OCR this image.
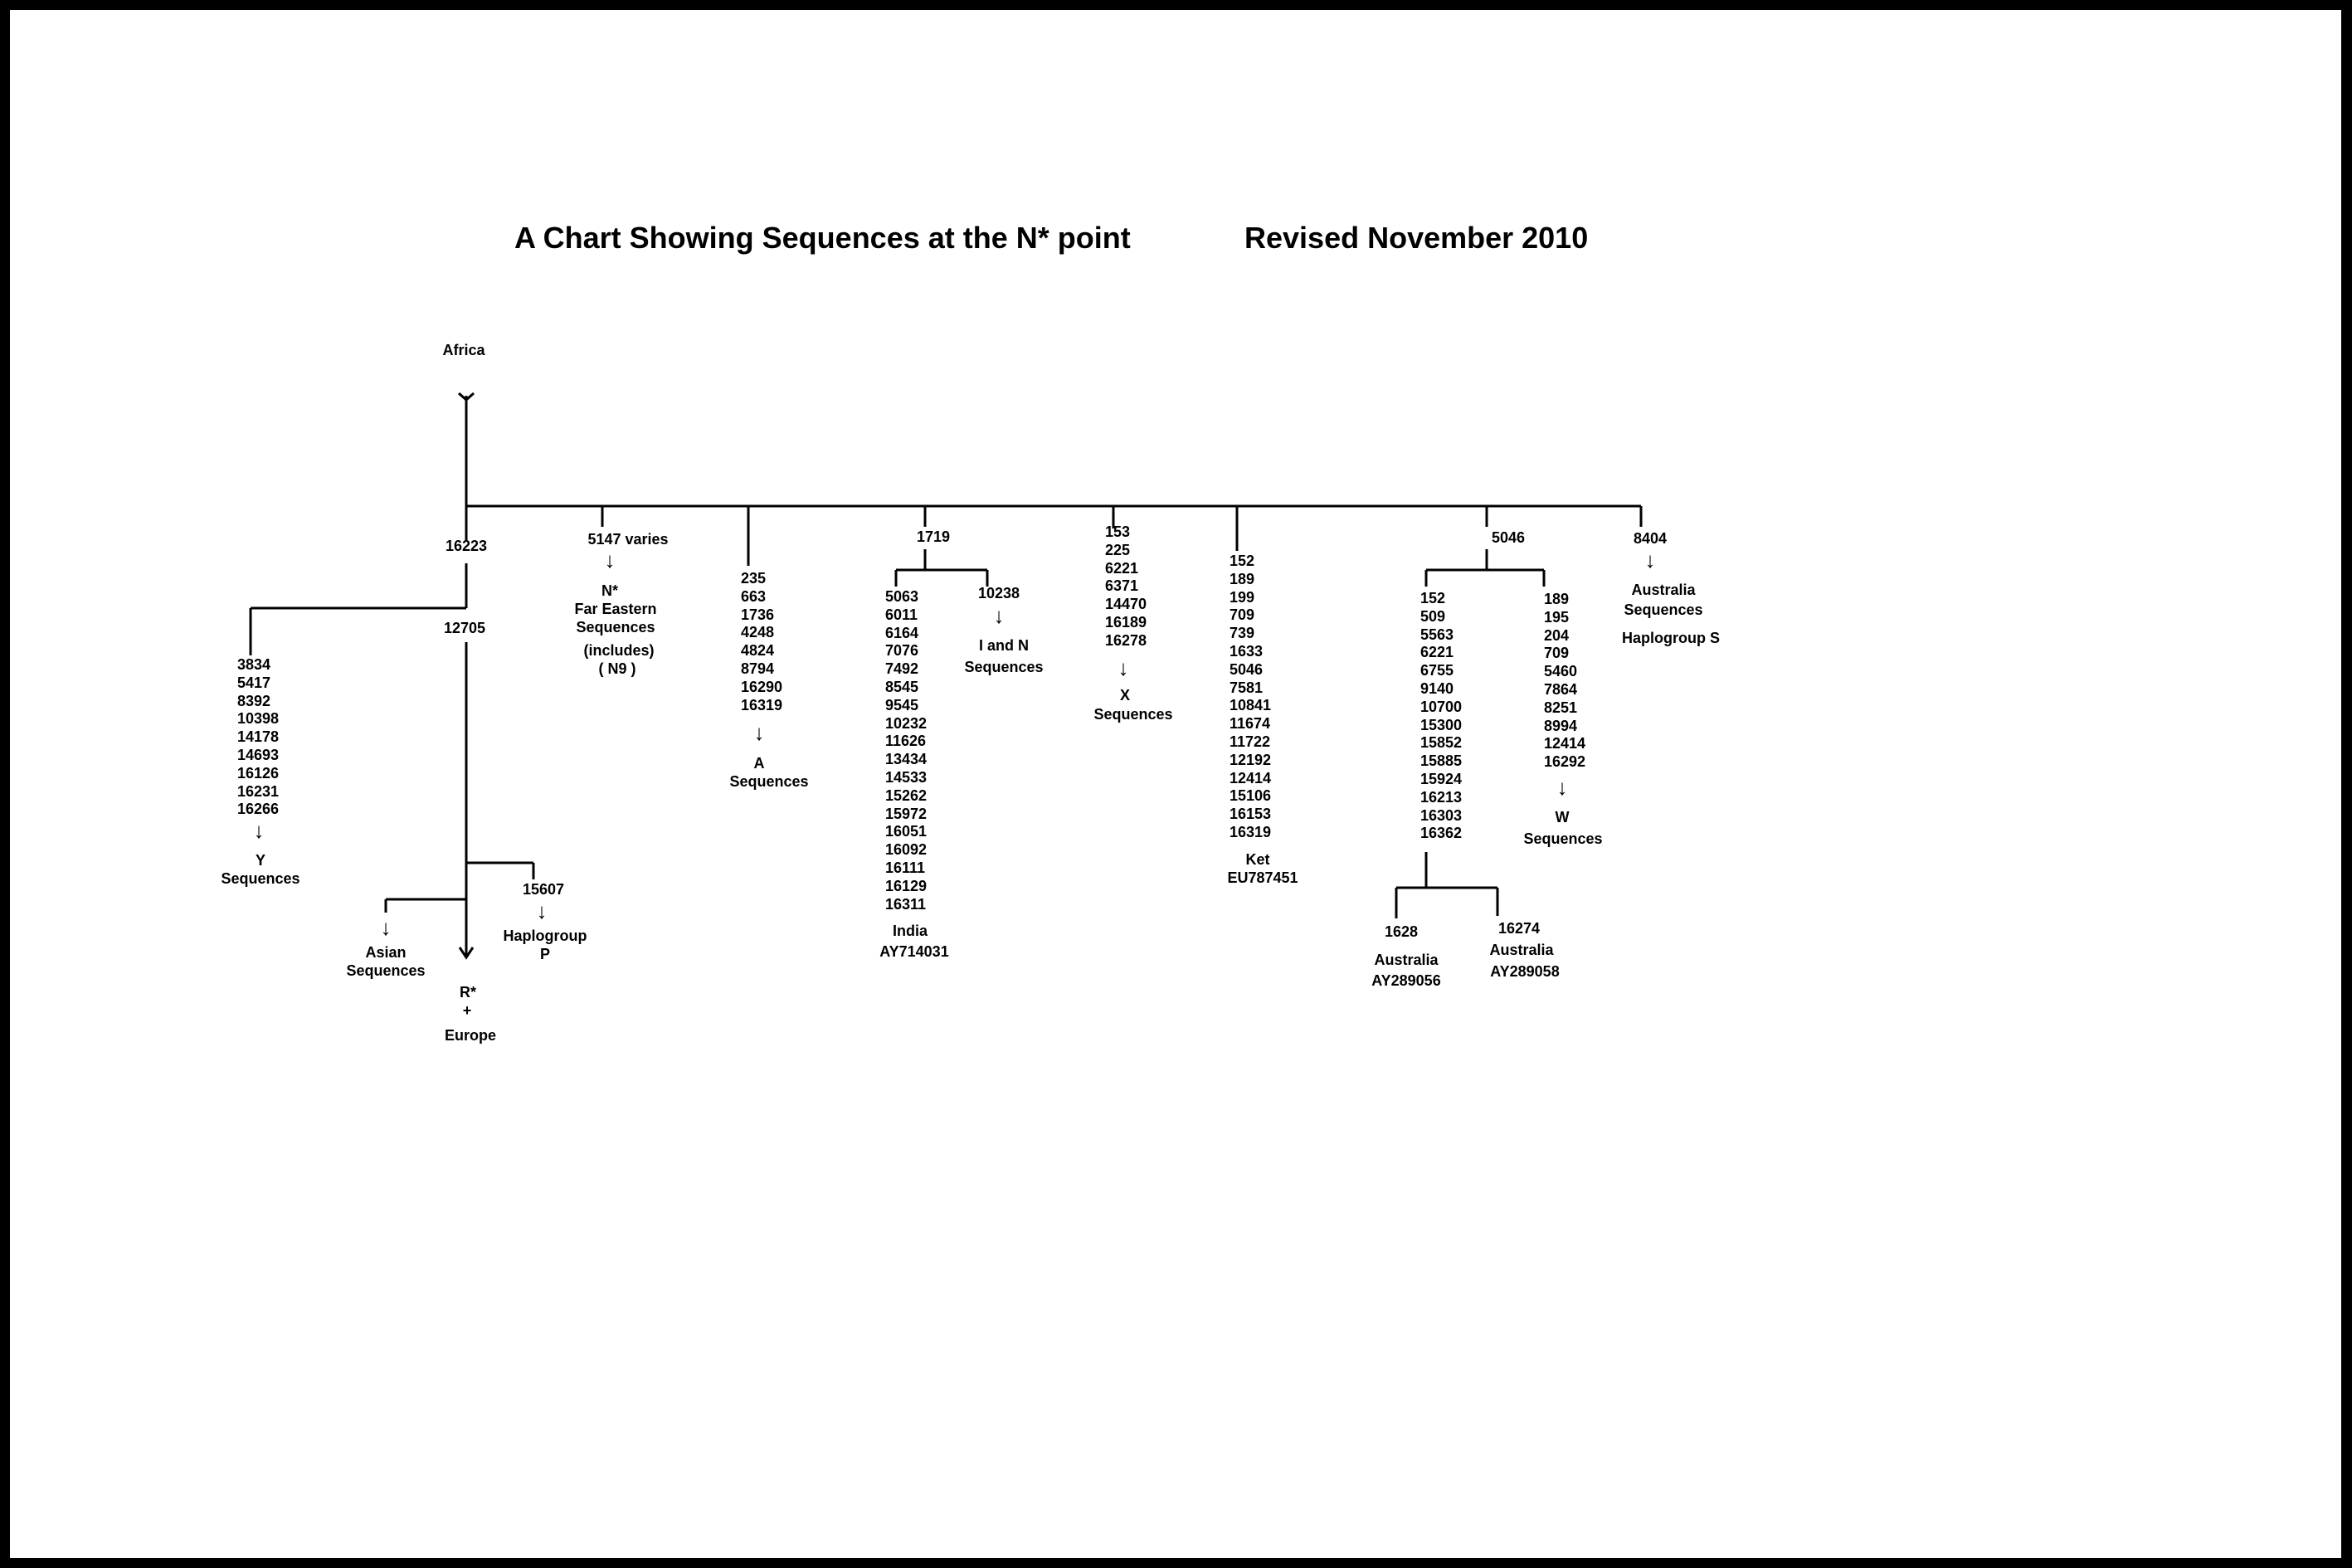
A Chart Showing Sequences at the N* point	Revised November 2010
Africa
16223
12705
3834
5417
8392
10398
14178
14693
16126
16231
16266
↓
Y
Sequences
↓
Asian
Sequences
R*
+
Europe
15607
↓
Haplogroup
P
5147 varies
↓
N*
Far Eastern
Sequences
(includes)
( N9 )
235
663
1736
4248
4824
8794
16290
16319
↓
A
Sequences
1719
5063
6011
6164
7076
7492
8545
9545
10232
11626
13434
14533
15262
15972
16051
16092
16111
16129
16311
India
AY714031
10238
↓
I and N
Sequences
153
225
6221
6371
14470
16189
16278
↓
X
Sequences
152
189
199
709
739
1633
5046
7581
10841
11674
11722
12192
12414
15106
16153
16319
Ket
EU787451
5046
152
509
5563
6221
6755
9140
10700
15300
15852
15885
15924
16213
16303
16362
189
195
204
709
5460
7864
8251
8994
12414
16292
↓
W
Sequences
1628
Australia
AY289056
16274
Australia
AY289058
8404
↓
Australia
Sequences
Haplogroup S
